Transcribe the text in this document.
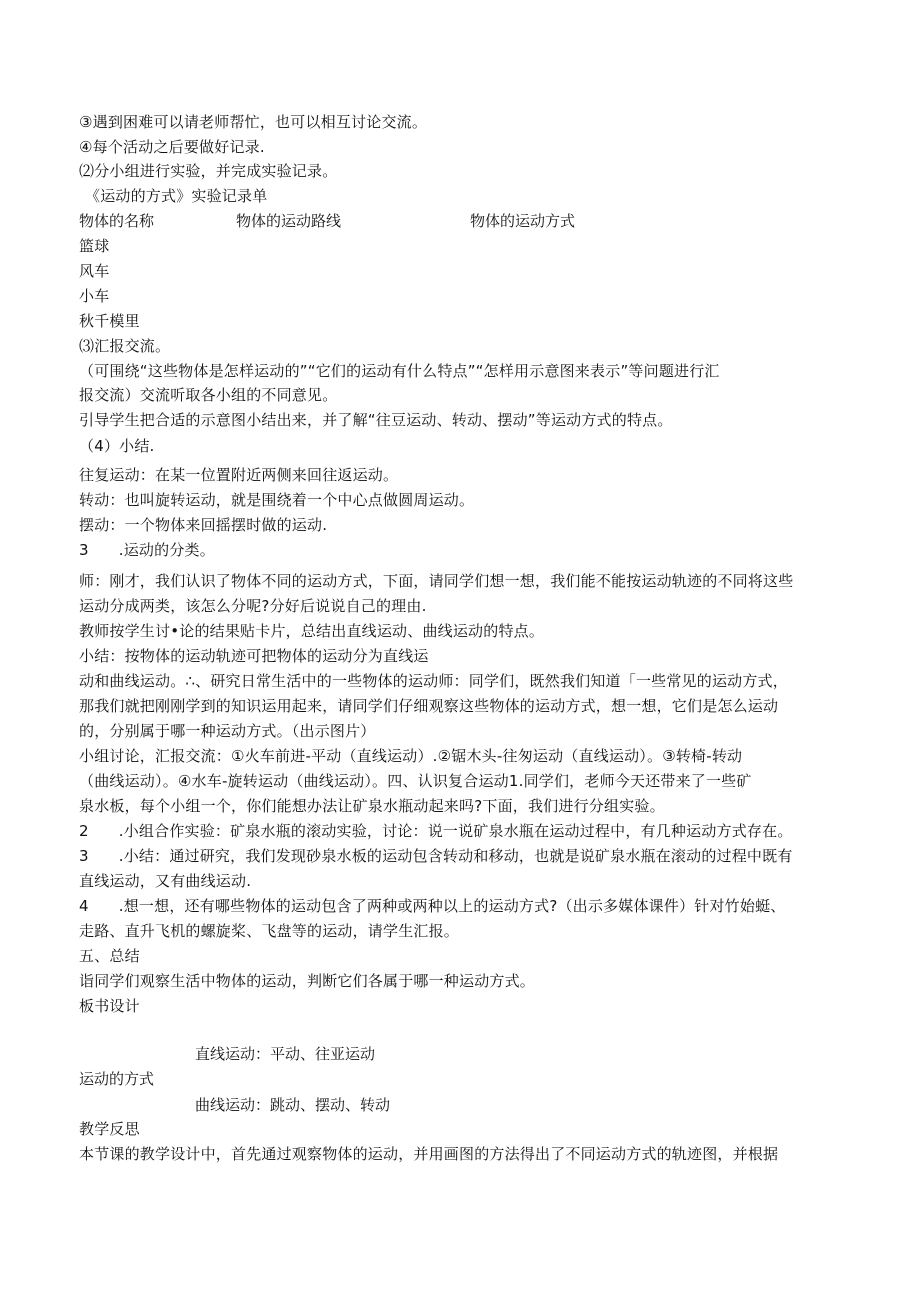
③遇到困难可以请老师帮忙，也可以相互讨论交流。
④每个活动之后要做好记录.
⑵分小组进行实验，并完成实验记录。
《运动的方式》实验记录单
物体的名称	物体的运动路线	物体的运动方式
篮球
风车
小车
秋千模里
⑶汇报交流。
（可围绕“这些物体是怎样运动的”“它们的运动有什么特点”“怎样用示意图来表示”等问题进行汇
报交流）交流听取各小组的不同意见。
引导学生把合适的示意图小结出来，并了解“往豆运动、转动、摆动”等运动方式的特点。
（4）小结.
往复运动：在某一位置附近两侧来回往返运动。
转动：也叫旋转运动，就是围绕着一个中心点做圆周运动。
摆动：一个物体来回摇摆时做的运动.
3	.运动的分类。
师：刚才，我们认识了物体不同的运动方式，下面，请同学们想一想，我们能不能按运动轨迹的不同将这些
运动分成两类，该怎么分呢?分好后说说自己的理由.
教师按学生讨•论的结果贴卡片，总结出直线运动、曲线运动的特点。
小结：按物体的运动轨迹可把物体的运动分为直线运
动和曲线运动。∴、研究日常生活中的一些物体的运动师：同学们，既然我们知道「一些常见的运动方式，
那我们就把刚刚学到的知识运用起来，请同学们仔细观察这些物体的运动方式，想一想，它们是怎么运动
的，分别属于哪一种运动方式。（出示图片）
小组讨论，汇报交流：①火车前进-平动（直线运动）.②锯木头-往匆运动（直线运动）。③转椅-转动
（曲线运动）。④水车-旋转运动（曲线运动）。四、认识复合运动1.同学们，老师今天还带来了一些矿
泉水板，每个小组一个，你们能想办法让矿泉水瓶动起来吗?下面，我们进行分组实验。
2	.小组合作实验：矿泉水瓶的滚动实验，讨论：说一说矿泉水瓶在运动过程中，有几种运动方式存在。
3	.小结：通过研究，我们发现砂泉水板的运动包含转动和移动，也就是说矿泉水瓶在滚动的过程中既有
直线运动，又有曲线运动.
4	.想一想，还有哪些物体的运动包含了两种或两种以上的运动方式?（出示多媒体课件）针对竹始蜓、
走路、直升飞机的螺旋桨、飞盘等的运动，请学生汇报。
五、总结
诣同学们观察生活中物体的运动，判断它们各属于哪一种运动方式。
板书设计
直线运动：平动、往亚运动
运动的方式
曲线运动：跳动、摆动、转动
教学反思
本节课的教学设计中，首先通过观察物体的运动，并用画图的方法得出了不同运动方式的轨迹图，并根据
